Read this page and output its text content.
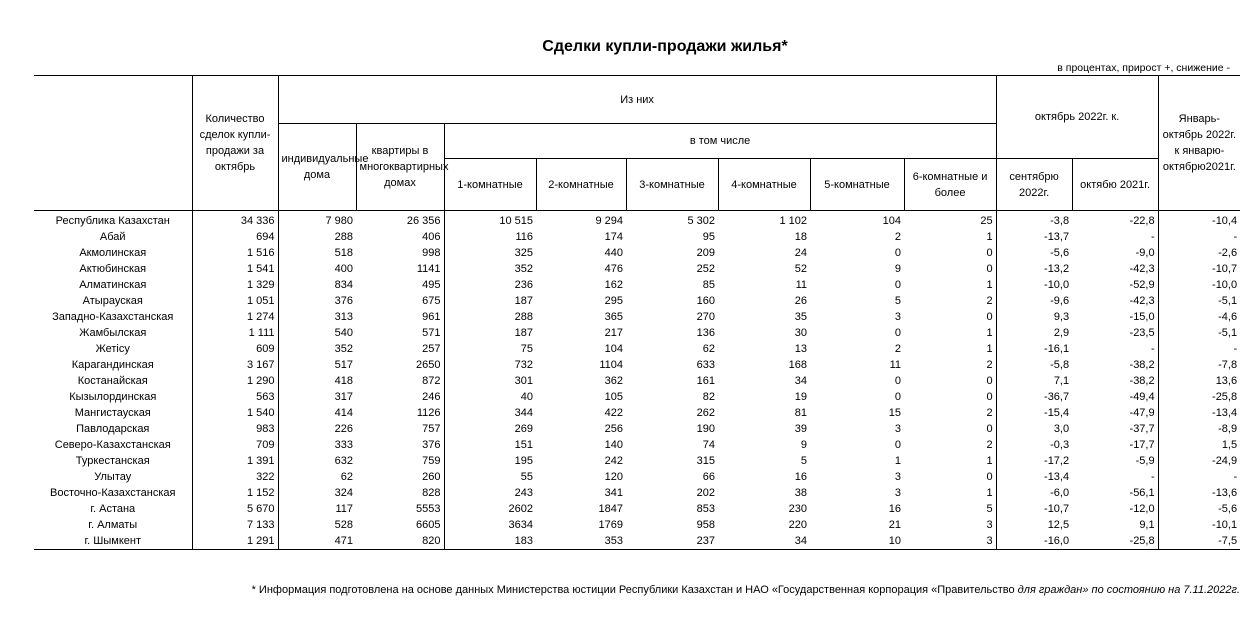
Сделки купли-продажи жилья*
в процентах, прирост +, снижение -
	Количество сделок купли-продажи за октябрь	Из них								октябрь 2022г. к.		Январь-октябрь 2022г. к январю-октябрю2021г.
		индивидуальные дома	квартиры в многоквартирных домах	в том числе								
				1-комнатные	2-комнатные	3-комнатные	4-комнатные	5-комнатные	6-комнатные и более	сентябрю 2022г.	октябю 2021г.	
Республика Казахстан	34 336	7 980	26 356	10 515	9 294	5 302	1 102	104	25	-3,8	-22,8	-10,4
Абай	694	288	406	116	174	95	18	2	1	-13,7	-	-
Акмолинская	1 516	518	998	325	440	209	24	0	0	-5,6	-9,0	-2,6
Актюбинская	1 541	400	1141	352	476	252	52	9	0	-13,2	-42,3	-10,7
Алматинская	1 329	834	495	236	162	85	11	0	1	-10,0	-52,9	-10,0
Атырауская	1 051	376	675	187	295	160	26	5	2	-9,6	-42,3	-5,1
Западно-Казахстанская	1 274	313	961	288	365	270	35	3	0	9,3	-15,0	-4,6
Жамбылская	1 111	540	571	187	217	136	30	0	1	2,9	-23,5	-5,1
Жетісу	609	352	257	75	104	62	13	2	1	-16,1	-	-
Карагандинская	3 167	517	2650	732	1104	633	168	11	2	-5,8	-38,2	-7,8
Костанайская	1 290	418	872	301	362	161	34	0	0	7,1	-38,2	13,6
Кызылординская	563	317	246	40	105	82	19	0	0	-36,7	-49,4	-25,8
Мангистауская	1 540	414	1126	344	422	262	81	15	2	-15,4	-47,9	-13,4
Павлодарская	983	226	757	269	256	190	39	3	0	3,0	-37,7	-8,9
Северо-Казахстанская	709	333	376	151	140	74	9	0	2	-0,3	-17,7	1,5
Туркестанская	1 391	632	759	195	242	315	5	1	1	-17,2	-5,9	-24,9
Улытау	322	62	260	55	120	66	16	3	0	-13,4	-	-
Восточно-Казахстанская	1 152	324	828	243	341	202	38	3	1	-6,0	-56,1	-13,6
г. Астана	5 670	117	5553	2602	1847	853	230	16	5	-10,7	-12,0	-5,6
г. Алматы	7 133	528	6605	3634	1769	958	220	21	3	12,5	9,1	-10,1
г. Шымкент	1 291	471	820	183	353	237	34	10	3	-16,0	-25,8	-7,5
* Информация подготовлена на основе данных Министерства юстиции Республики Казахстан и НАО «Государственная корпорация «Правительство для граждан» по состоянию на 7.11.2022г.
